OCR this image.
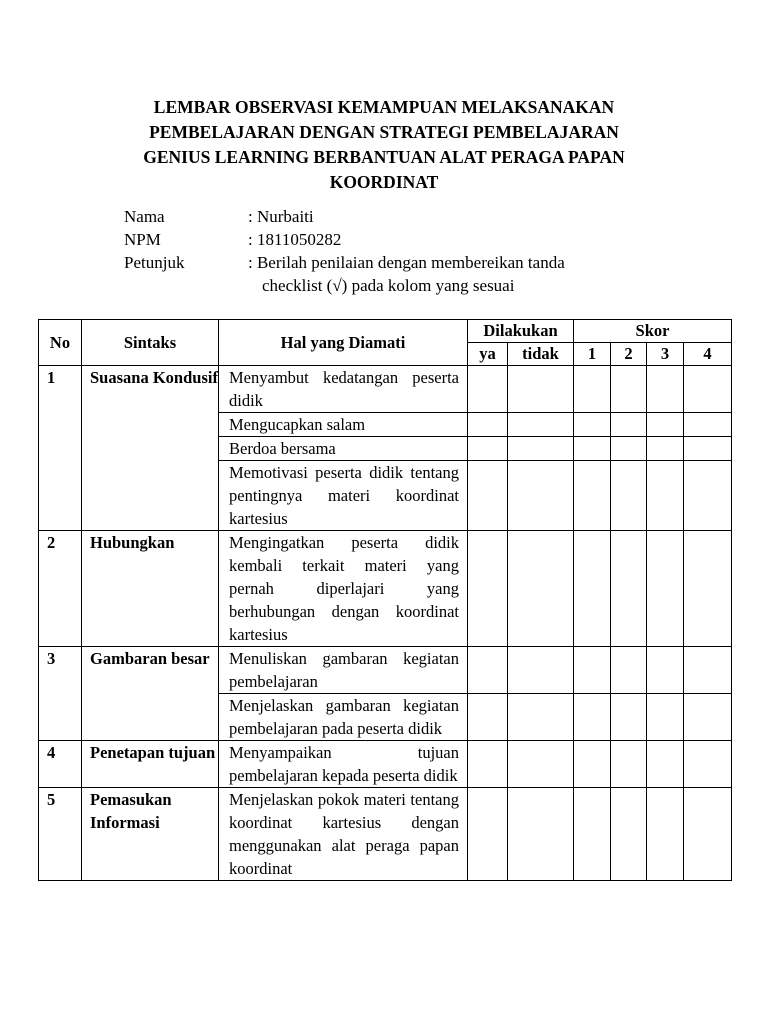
LEMBAR OBSERVASI KEMAMPUAN MELAKSANAKAN
PEMBELAJARAN DENGAN STRATEGI PEMBELAJARAN
GENIUS LEARNING BERBANTUAN ALAT PERAGA PAPAN
KOORDINAT
Nama	: Nurbaiti
NPM	: 1811050282
Petunjuk	: Berilah penilaian dengan membereikan tanda
checklist (√) pada kolom yang sesuai
No	Sintaks	Hal yang Diamati	Dilakukan		Skor			
			ya	tidak	1	2	3	4
1	Suasana Kondusif	Menyambut kedatangan peserta didik						
		Mengucapkan salam						
		Berdoa bersama						
		Memotivasi peserta didik tentang pentingnya materi koordinat kartesius						
2	Hubungkan	Mengingatkan peserta didik kembali terkait materi yang pernah diperlajari yang berhubungan dengan koordinat kartesius						
3	Gambaran besar	Menuliskan gambaran kegiatan pembelajaran						
		Menjelaskan gambaran kegiatan pembelajaran pada peserta didik						
4	Penetapan tujuan	Menyampaikan tujuan pembelajaran kepada peserta didik						
5	Pemasukan Informasi	Menjelaskan pokok materi tentang koordinat kartesius dengan menggunakan alat peraga papan koordinat						
